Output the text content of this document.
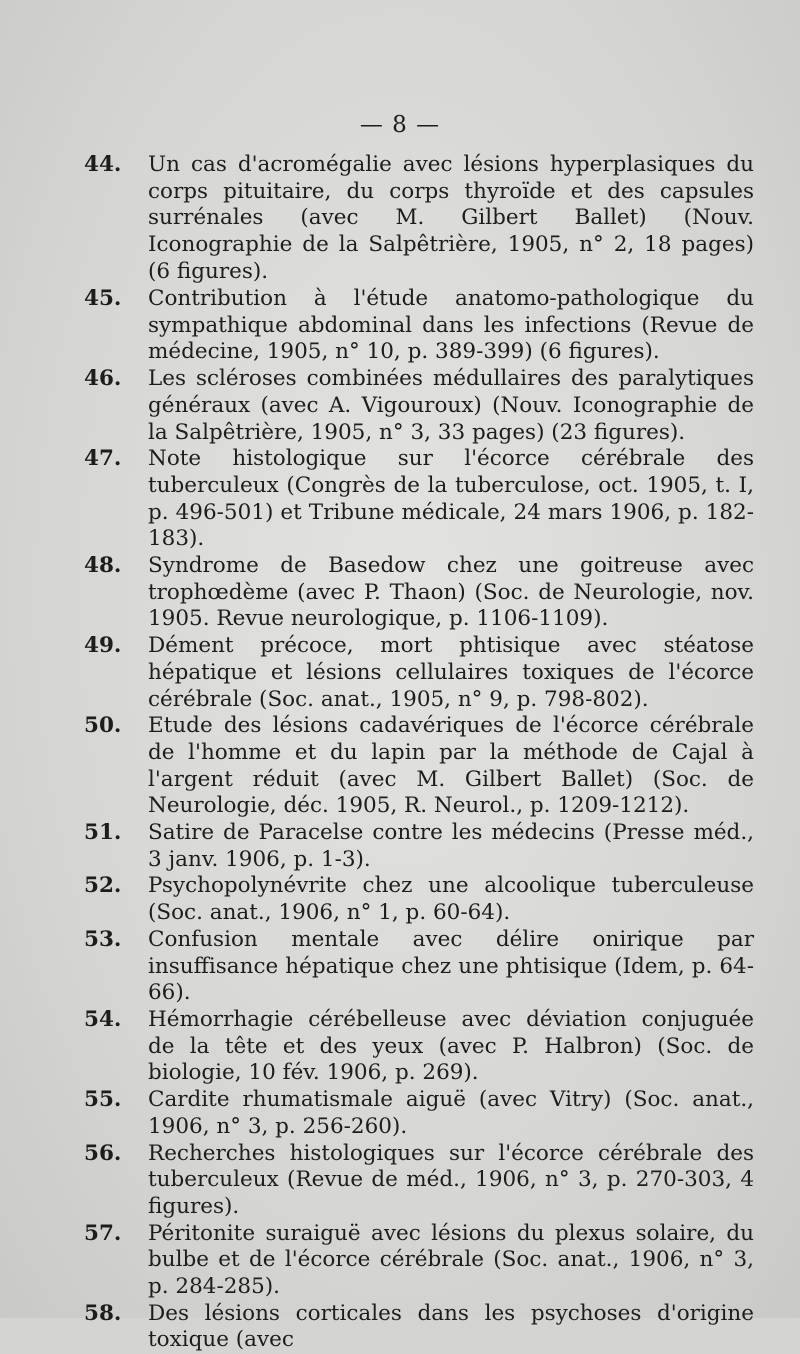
— 8 —
44. Un cas d'acromégalie avec lésions hyperplasiques du corps pituitaire, du corps thyroïde et des capsules surrénales (avec M. Gilbert Ballet) (Nouv. Iconographie de la Salpêtrière, 1905, n° 2, 18 pages) (6 figures).
45. Contribution à l'étude anatomo-pathologique du sympathique abdominal dans les infections (Revue de médecine, 1905, n° 10, p. 389-399) (6 figures).
46. Les scléroses combinées médullaires des paralytiques généraux (avec A. Vigouroux) (Nouv. Iconographie de la Salpêtrière, 1905, n° 3, 33 pages) (23 figures).
47. Note histologique sur l'écorce cérébrale des tuberculeux (Congrès de la tuberculose, oct. 1905, t. I, p. 496-501) et Tribune médicale, 24 mars 1906, p. 182-183).
48. Syndrome de Basedow chez une goitreuse avec trophœdème (avec P. Thaon) (Soc. de Neurologie, nov. 1905. Revue neurologique, p. 1106-1109).
49. Dément précoce, mort phtisique avec stéatose hépatique et lésions cellulaires toxiques de l'écorce cérébrale (Soc. anat., 1905, n° 9, p. 798-802).
50. Etude des lésions cadavériques de l'écorce cérébrale de l'homme et du lapin par la méthode de Cajal à l'argent réduit (avec M. Gilbert Ballet) (Soc. de Neurologie, déc. 1905, R. Neurol., p. 1209-1212).
51. Satire de Paracelse contre les médecins (Presse méd., 3 janv. 1906, p. 1-3).
52. Psychopolynévrite chez une alcoolique tuberculeuse (Soc. anat., 1906, n° 1, p. 60-64).
53. Confusion mentale avec délire onirique par insuffisance hépatique chez une phtisique (Idem, p. 64-66).
54. Hémorrhagie cérébelleuse avec déviation conjuguée de la tête et des yeux (avec P. Halbron) (Soc. de biologie, 10 fév. 1906, p. 269).
55. Cardite rhumatismale aiguë (avec Vitry) (Soc. anat., 1906, n° 3, p. 256-260).
56. Recherches histologiques sur l'écorce cérébrale des tuberculeux (Revue de méd., 1906, n° 3, p. 270-303, 4 figures).
57. Péritonite suraiguë avec lésions du plexus solaire, du bulbe et de l'écorce cérébrale (Soc. anat., 1906, n° 3, p. 284-285).
58. Des lésions corticales dans les psychoses d'origine toxique (avec
